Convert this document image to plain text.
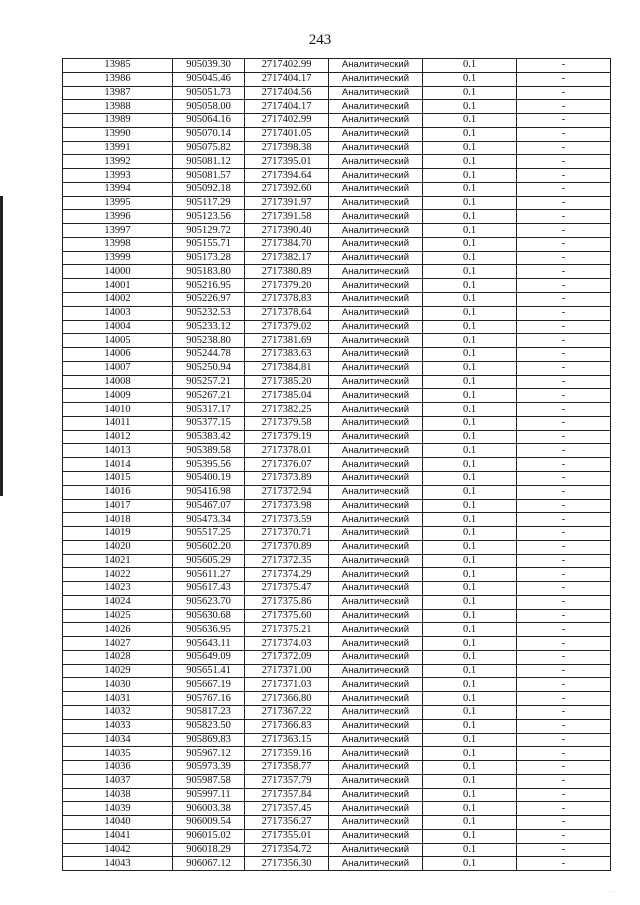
243
13985	905039.30	2717402.99	Аналитический	0.1	-
13986	905045.46	2717404.17	Аналитический	0.1	-
13987	905051.73	2717404.56	Аналитический	0.1	-
13988	905058.00	2717404.17	Аналитический	0.1	-
13989	905064.16	2717402.99	Аналитический	0.1	-
13990	905070.14	2717401.05	Аналитический	0.1	-
13991	905075.82	2717398.38	Аналитический	0.1	-
13992	905081.12	2717395.01	Аналитический	0.1	-
13993	905081.57	2717394.64	Аналитический	0.1	-
13994	905092.18	2717392.60	Аналитический	0.1	-
13995	905117.29	2717391.97	Аналитический	0.1	-
13996	905123.56	2717391.58	Аналитический	0.1	-
13997	905129.72	2717390.40	Аналитический	0.1	-
13998	905155.71	2717384.70	Аналитический	0.1	-
13999	905173.28	2717382.17	Аналитический	0.1	-
14000	905183.80	2717380.89	Аналитический	0.1	-
14001	905216.95	2717379.20	Аналитический	0.1	-
14002	905226.97	2717378.83	Аналитический	0.1	-
14003	905232.53	2717378.64	Аналитический	0.1	-
14004	905233.12	2717379.02	Аналитический	0.1	-
14005	905238.80	2717381.69	Аналитический	0.1	-
14006	905244.78	2717383.63	Аналитический	0.1	-
14007	905250.94	2717384.81	Аналитический	0.1	-
14008	905257.21	2717385.20	Аналитический	0.1	-
14009	905267.21	2717385.04	Аналитический	0.1	-
14010	905317.17	2717382.25	Аналитический	0.1	-
14011	905377.15	2717379.58	Аналитический	0.1	-
14012	905383.42	2717379.19	Аналитический	0.1	-
14013	905389.58	2717378.01	Аналитический	0.1	-
14014	905395.56	2717376.07	Аналитический	0.1	-
14015	905400.19	2717373.89	Аналитический	0.1	-
14016	905416.98	2717372.94	Аналитический	0.1	-
14017	905467.07	2717373.98	Аналитический	0.1	-
14018	905473.34	2717373.59	Аналитический	0.1	-
14019	905517.25	2717370.71	Аналитический	0.1	-
14020	905602.20	2717370.89	Аналитический	0.1	-
14021	905605.29	2717372.35	Аналитический	0.1	-
14022	905611.27	2717374.29	Аналитический	0.1	-
14023	905617.43	2717375.47	Аналитический	0.1	-
14024	905623.70	2717375.86	Аналитический	0.1	-
14025	905630.68	2717375.60	Аналитический	0.1	-
14026	905636.95	2717375.21	Аналитический	0.1	-
14027	905643.11	2717374.03	Аналитический	0.1	-
14028	905649.09	2717372.09	Аналитический	0.1	-
14029	905651.41	2717371.00	Аналитический	0.1	-
14030	905667.19	2717371.03	Аналитический	0.1	-
14031	905767.16	2717366.80	Аналитический	0.1	-
14032	905817.23	2717367.22	Аналитический	0.1	-
14033	905823.50	2717366.83	Аналитический	0.1	-
14034	905869.83	2717363.15	Аналитический	0.1	-
14035	905967.12	2717359.16	Аналитический	0.1	-
14036	905973.39	2717358.77	Аналитический	0.1	-
14037	905987.58	2717357.79	Аналитический	0.1	-
14038	905997.11	2717357.84	Аналитический	0.1	-
14039	906003.38	2717357.45	Аналитический	0.1	-
14040	906009.54	2717356.27	Аналитический	0.1	-
14041	906015.02	2717355.01	Аналитический	0.1	-
14042	906018.29	2717354.72	Аналитический	0.1	-
14043	906067.12	2717356.30	Аналитический	0.1	-
· ·
